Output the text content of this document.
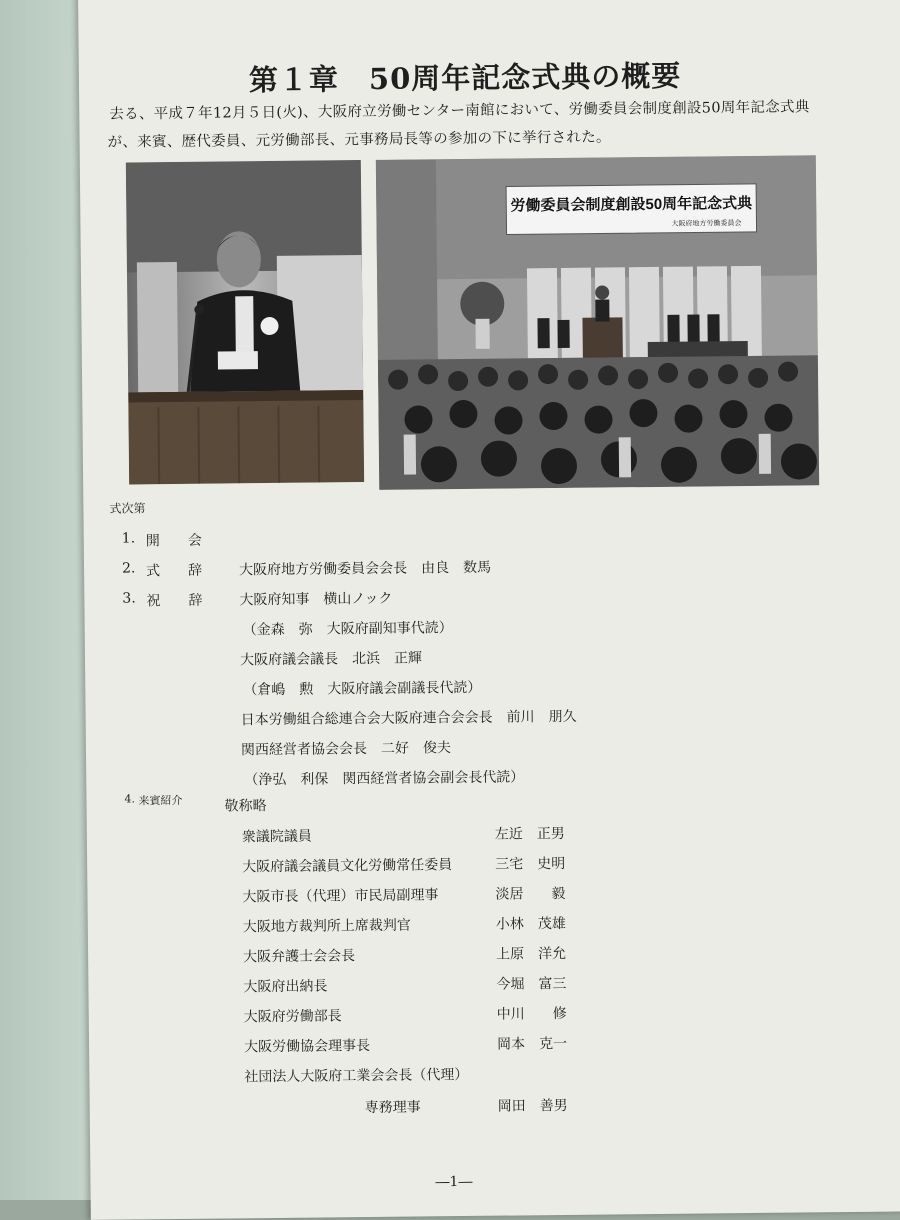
第１章　50周年記念式典の概要
去る、平成７年12月５日(火)、大阪府立労働センター南館において、労働委員会制度創設50周年記念式典
が、来賓、歴代委員、元労働部長、元事務局長等の参加の下に挙行された。
労働委員会制度創設50周年記念式典
大阪府地方労働委員会
式次第
1. 開　　会
2. 式　　辞	大阪府地方労働委員会会長　由良　数馬
3. 祝　　辞	大阪府知事　横山ノック
（金森　弥　大阪府副知事代読）
大阪府議会議長　北浜　正輝
（倉嶋　勲　大阪府議会副議長代読）
日本労働組合総連合会大阪府連合会会長　前川　朋久
関西経営者協会会長　二好　俊夫
（浄弘　利保　関西経営者協会副会長代読）
4. 来賓紹介	敬称略
衆議院議員	左近　正男
大阪府議会議員文化労働常任委員	三宅　史明
大阪市長（代理）市民局副理事	淡居　　毅
大阪地方裁判所上席裁判官	小林　茂雄
大阪弁護士会会長	上原　洋允
大阪府出納長	今堀　富三
大阪府労働部長	中川　　修
大阪労働協会理事長	岡本　克一
社団法人大阪府工業会会長（代理）
専務理事	岡田　善男
―1―
